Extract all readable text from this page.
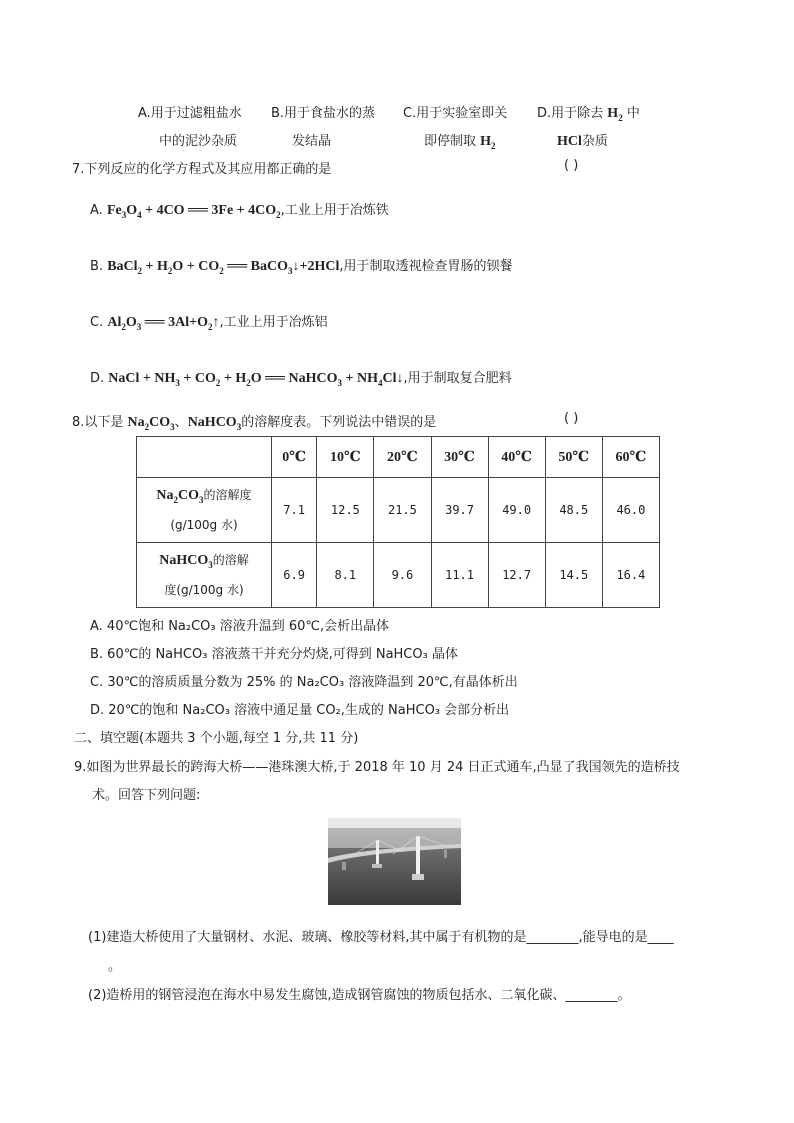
A.用于过滤粗盐水
中的泥沙杂质
B.用于食盐水的蒸
发结晶
C.用于实验室即关
即停制取 $H_2$
D.用于除去 $H_2$ 中
HCl杂质
7.下列反应的化学方程式及其应用都正确的是	( )
A. $Fe_3O_4 + 4CO$ ══ $3Fe + 4CO_2$,工业上用于冶炼铁
B. BaCl$_2$ + $H_2O + CO_2$ ══ BaCO$_3$↓+2HCl,用于制取透视检查胃肠的钡餐
C. $Al_2O_3$ ══ $3Al+O_2↑$,工业上用于冶炼铝
D. NaCl + $NH_3 + CO_2 + H_2O$ ══ NaHCO$_3$ + $NH_4Cl↓$,用于制取复合肥料
8.以下是 $Na_2CO_3$、NaHCO$_3$的溶解度表。下列说法中错误的是	( )
	0℃	10℃	20℃	30℃	40℃	50℃	60℃
$Na_2CO_3$的溶解度
(g/100g 水)	7.1	12.5	21.5	39.7	49.0	48.5	46.0
NaHCO$_3$的溶解
度(g/100g 水)	6.9	8.1	9.6	11.1	12.7	14.5	16.4
A. 40℃饱和 Na₂CO₃ 溶液升温到 60℃,会析出晶体
B. 60℃的 NaHCO₃ 溶液蒸干并充分灼烧,可得到 NaHCO₃ 晶体
C. 30℃的溶质质量分数为 25% 的 Na₂CO₃ 溶液降温到 20℃,有晶体析出
D. 20℃的饱和 Na₂CO₃ 溶液中通足量 CO₂,生成的 NaHCO₃ 会部分析出
二、填空题(本题共 3 个小题,每空 1 分,共 11 分)
9.如图为世界最长的跨海大桥——港珠澳大桥,于 2018 年 10 月 24 日正式通车,凸显了我国领先的造桥技
术。回答下列问题:
(1)建造大桥使用了大量钢材、水泥、玻璃、橡胶等材料,其中属于有机物的是________,能导电的是____
。
(2)造桥用的钢管浸泡在海水中易发生腐蚀,造成钢管腐蚀的物质包括水、二氧化碳、________。
